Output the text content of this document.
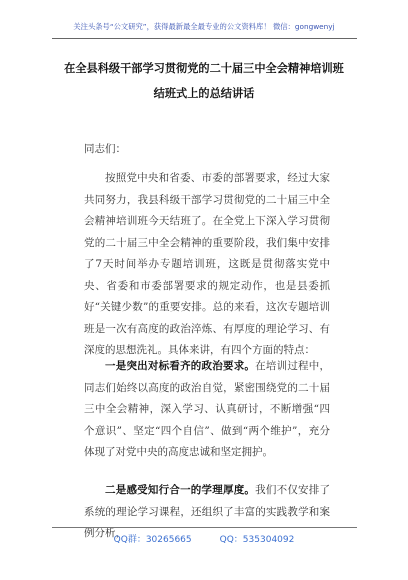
关注头条号“公文研究”，获得最新最全最专业的公文资料库！ 微信：gongwenyj
在全县科级干部学习贯彻党的二十届三中全会精神培训班
结班式上的总结讲话
同志们：

按照党中央和省委、市委的部署要求，经过大家共同努力，我县科级干部学习贯彻党的二十届三中全会精神培训班今天结班了。在全党上下深入学习贯彻党的二十届三中全会精神的重要阶段，我们集中安排了7天时间举办专题培训班，这既是贯彻落实党中央、省委和市委部署要求的规定动作，也是县委抓好“关键少数”的重要安排。总的来看，这次专题培训班是一次有高度的政治淬炼、有厚度的理论学习、有深度的思想洗礼。具体来讲，有四个方面的特点：

一是突出对标看齐的政治要求。在培训过程中，同志们始终以高度的政治自觉，紧密围绕党的二十届三中全会精神，深入学习、认真研讨，不断增强“四个意识”、坚定“四个自信”、做到“两个维护”，充分体现了对党中央的高度忠诚和坚定拥护。

二是感受知行合一的学理厚度。我们不仅安排了系统的理论学习课程，还组织了丰富的实践教学和案例分析，

QQ群：30265665	QQ：535304092
